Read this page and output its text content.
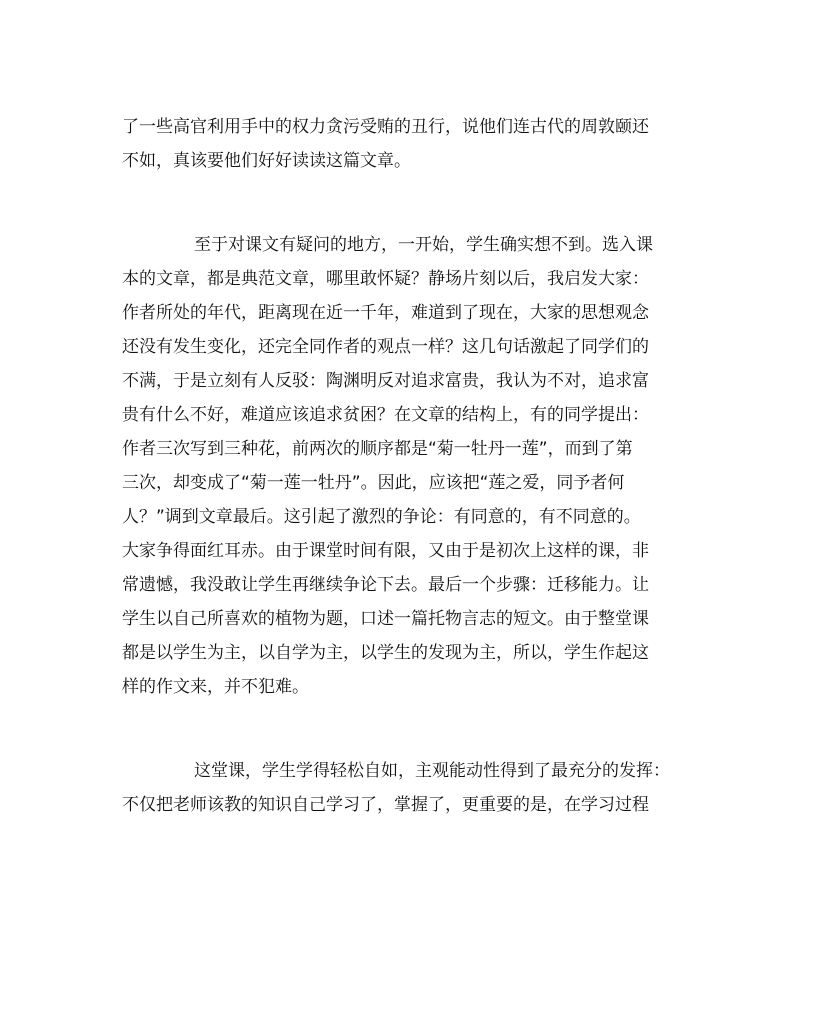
了一些高官利用手中的权力贪污受贿的丑行，说他们连古代的周敦颐还
不如，真该要他们好好读读这篇文章。
至于对课文有疑问的地方，一开始，学生确实想不到。选入课
本的文章，都是典范文章，哪里敢怀疑？静场片刻以后，我启发大家：
作者所处的年代，距离现在近一千年，难道到了现在，大家的思想观念
还没有发生变化，还完全同作者的观点一样？这几句话激起了同学们的
不满，于是立刻有人反驳：陶渊明反对追求富贵，我认为不对，追求富
贵有什么不好，难道应该追求贫困？在文章的结构上，有的同学提出：
作者三次写到三种花，前两次的顺序都是“菊一牡丹一莲”，而到了第
三次，却变成了“菊一莲一牡丹”。因此，应该把“莲之爱，同予者何
人？”调到文章最后。这引起了激烈的争论：有同意的，有不同意的。
大家争得面红耳赤。由于课堂时间有限，又由于是初次上这样的课，非
常遗憾，我没敢让学生再继续争论下去。最后一个步骤：迁移能力。让
学生以自己所喜欢的植物为题，口述一篇托物言志的短文。由于整堂课
都是以学生为主，以自学为主，以学生的发现为主，所以，学生作起这
样的作文来，并不犯难。
这堂课，学生学得轻松自如，主观能动性得到了最充分的发挥：
不仅把老师该教的知识自己学习了，掌握了，更重要的是，在学习过程
